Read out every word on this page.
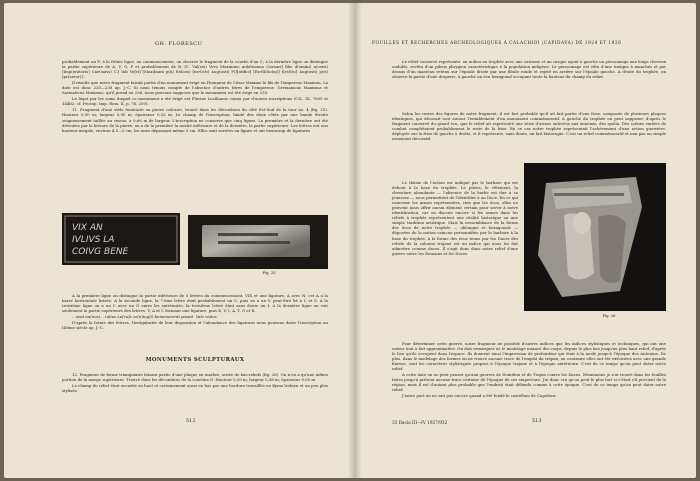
GH. FLORESCU

probablement un F; à la fréine ligne, au commencement, on observe le fragment de la courbe d'un C; à la dernière ligne on distingue la partie supérieure de A, V, G, P et probablement de R. [C. Val(rio) Vero Maximino nobilissimo Caesari] filio d(omini) n(ostri) [Imp(eratoris) Cae(saris) C.] Iuli Ve[ri] [Maxi]mini p(ii) f(elicis) [inv(icti) Aug(usti) P(][ntifici] [Ex-f(il)io(m)] t[rs(t)u] Aug(usti) p(ri) [pr(aetor)]...

Il résulte que notre fragment faisait partie d'un monument érigé en l'honneur de César Maxime le fils de l'empereur Maximin. La date est donc 235—238 ap. J.-C. Si nous tenons compte de l'absence d'autres titres de l'empereur: Germanicus Maximus et Sarmaticus Maximus, qu'il prend en 236, nous pouvons supposer que le monument est été érigé en 235.

Le légat par les soins duquel ce monument a été érigé est Flavius Lucilianus connu par d'autres inscriptions (CIL, III, 7605 et 14462; cf. Prosop. Imp. Rom. II, p. 76, 200).

11. Fragment d'une stèle funéraire en pierre calcaire, trouvé dans les décombres du côté Est-Sud de la tour no. 4 (fig. 25). Hauteur 0,50 m; largeur 0,95 m; épaisseur 0,33 m. Le champ de l'inscription, limité des deux côtés par une bande étroite soigneusement taillée au ciseau, a 0,66 m de largeur. L'inscription ne conserve que cinq lignes. La première et la dernière ont été détruites par la brisure de la pierre; on a de la première la moitié inférieure et de la dernière, la partie supérieure. Les lettres ont une hauteur inégale, environ 4,5—5 cm, les unes dépassant même 5 cm. Elles sont serrées un lignes et ont beaucoup de ligatures.

VIX AN
IVLIVS LA
COIVG BENE
Fig. 25

A la première ligne on distingue la partie inférieure de 5 lettres du commencement, VIX et une ligature, A avec N; cet A a la barre horizontale brisée. A la seconde ligne, la 7-ème lettre était probablement un C, puis on a un V, peut-être lié à I, et S. A la troisième ligne on a un C avec un O entre les extrémités; la troisième lettre était sans doute un I. A la dernière ligne on voit seulement la partie supérieure des lettres: V, A et I. formant une ligature, puis E, V, I, A, T, O et R.

...vixit an(nos)... Iulius La[ru]s co(n)iug(i) benemerenti posuit. Vale viator.

D'après la forme des lettres, l'irrégularité de leur disposition et l'abondance des ligatures nous pouvons dater l'inscription au IIIème siècle ap. J.-C.

MONUMENTS SCULPTURAUX

12. Fragment de forme trianguiaire faisant partie d'une plaque en marbre, ornée de bas-reliefs (fig. 26). On n'en a qu'une infime portion de la marge supérieure. Trouvé dans les décombres de la courtine G. Hauteur 0,39 m; largeur 0,38 m; épaisseur 0,05 m.

Le champ du relief était encadré en haut et certainement aussi en bas par une bordure travaillée en Kyma lesbien et un peu plus stylisée.

512
FOUILLES ET RECHERCHES ARCHÉOLOGIQUES À CALACHIOI (CAPIDAVA) DE 1924 ET 1926

Le relief conservé représente: au milieu un trophée avec une cuirasse et un casque ayant à gauche un personnage aux longs cheveux ondulés, revêtu d'un pileus phrygien caractéristique à la population indigène. Le personnage est vêtu d'une tunique à manches et par dessus d'un manteau retenu sur l'épaule droite par une fibule ronde et rejeté en arrière sur l'épaule gauche. A droite du trophée, on observe la partie d'une draperie, à gauche un écu hexagonal occupant toute la hauteur du champ du relief.

Selon les restes des figures de notre fragment, il est fort probable qu'il ait fait partie d'une frise, composée de plusieurs plaques identiques, qui décorait tout autour l'entablement d'un monument commémoratif. A gauche du trophée on peut supposer, d'après le fragment conservé du grand écu, que le relief ait représenté une série d'armes enlevées aux ennemis, des spolia. Des scènes variées de combat complétaient probablement le reste de la frise. En ce cas notre trophée représentait l'achèvement d'une action guerrière, déployée sur la frise de gauche à droite, et il représente, sans doute, un fait historique. C'est un relief commémoratif et non pas un simple ornement décoratif.

Le thème de l'action est indiqué par le barbare qui est debout à la base du trophée. Le pileus, le vêtement, la chevelure abondante — l'absence de la barbe est due à sa jeunesse — nous permettent de l'identifier à un Dace. En ce qui concerne les armes représentées, rien que les écus, elles ne peuvent nous offrir aucun élément certain pour servir à notre identification, car on discute encore si les armes dans les reliefs à trophée représentent une réalité historique ou une simple tradition artistique. Mais la ressemblance de la forme des écus de notre trophée — oblongue et hexagonale — déposées de la nation vaincue personnifiée par le barbare à la base du trophée, à la forme des écus tenus par les Daces des reliefs de la colonne trajane est un indice qui nous les fait admettre comme daces. Il s'agit donc dans notre relief d'une guerre entre les Romains et les Daces.

Fig. 26

Pour déterminer cette guerre, notre fragment ne possède d'autres indices que les indices stylistiques et techniques, qui ont une valeur tout à fait approximative. On doit remarquer ici le modelage nuancé des corps, depuis le plus bas jusqu'au plus haut relief, d'après le lieu qu'ils occupent dans l'espace. Ils donnent ainsi l'impression de profondeur qui était à la mode jusqu'à l'époque des Antonins. De plus, dans le modelage des formes on ne trouve aucune trace de l'emploi du trépan; au contraire elles ont été exécutées avec une grande finesse, sont les caractères stylistiques propres à l'époque trajane et à l'époque antérieure. C'est de ce temps qu'on peut dater notre relief.

A cette date on ne peut penser qu'aux guerres de Domitien et de Trajan contre les Daces. Néanmoins je n'ai trouvé dans les fouilles faites jusqu'à présent aucune trace certaine de l'époque de ces empereurs. J'ai donc cru qu'on peut le plus fort si c'était s'il provient de la région, mais il est d'autant plus probable que l'endroit était défendu comme à cette époque. C'est de ce temps qu'on peut dater notre relief.

J'autre part on ne sait pas encore quand a été fondé le castellum de Capidava.

33 Dacia III—IV 1927/932	513
